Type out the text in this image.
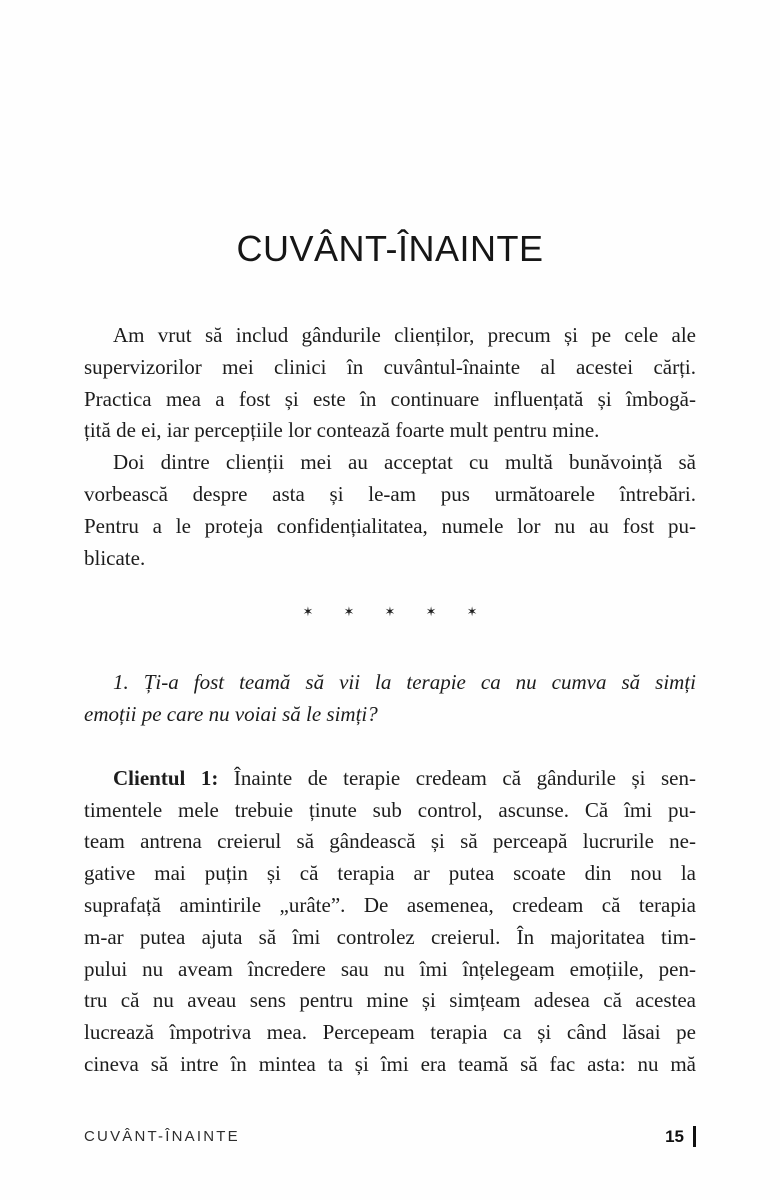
CUVÂNT-ÎNAINTE
Am vrut să includ gândurile clienților, precum și pe cele ale
supervizorilor mei clinici în cuvântul-înainte al acestei cărți.
Practica mea a fost și este în continuare influențată și îmbogă-
țită de ei, iar percepțiile lor contează foarte mult pentru mine.
Doi dintre clienții mei au acceptat cu multă bunăvoință să
vorbească despre asta și le-am pus următoarele întrebări.
Pentru a le proteja confidențialitatea, numele lor nu au fost pu-
blicate.
✶ ✶ ✶ ✶ ✶
1. Ți-a fost teamă să vii la terapie ca nu cumva să simți
emoții pe care nu voiai să le simți?
Clientul 1: Înainte de terapie credeam că gândurile și sen-
timentele mele trebuie ținute sub control, ascunse. Că îmi pu-
team antrena creierul să gândească și să perceapă lucrurile ne-
gative mai puțin și că terapia ar putea scoate din nou la
suprafață amintirile „urâte”. De asemenea, credeam că terapia
m-ar putea ajuta să îmi controlez creierul. În majoritatea tim-
pului nu aveam încredere sau nu îmi înțelegeam emoțiile, pen-
tru că nu aveau sens pentru mine și simțeam adesea că acestea
lucrează împotriva mea. Percepeam terapia ca și când lăsai pe
cineva să intre în mintea ta și îmi era teamă să fac asta: nu mă
CUVÂNT-ÎNAINTE	15
